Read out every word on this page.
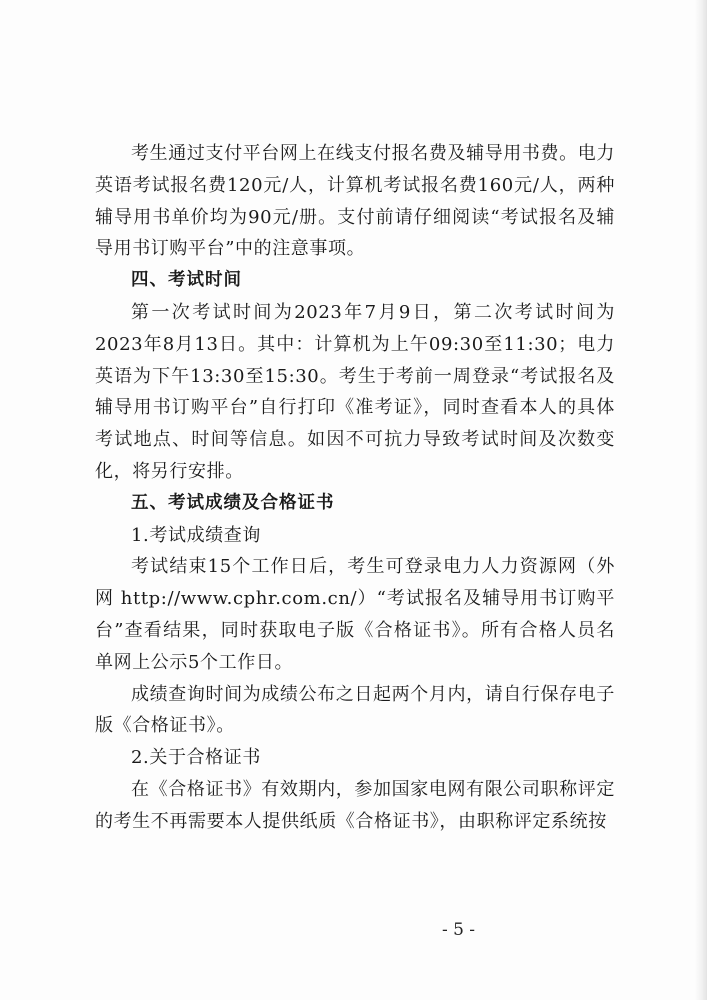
考生通过支付平台网上在线支付报名费及辅导用书费。电力英语考试报名费120元/人，计算机考试报名费160元/人，两种辅导用书单价均为90元/册。支付前请仔细阅读“考试报名及辅导用书订购平台”中的注意事项。

四、考试时间

第一次考试时间为2023年7月9日，第二次考试时间为2023年8月13日。其中：计算机为上午09:30至11:30；电力英语为下午13:30至15:30。考生于考前一周登录“考试报名及辅导用书订购平台”自行打印《准考证》，同时查看本人的具体考试地点、时间等信息。如因不可抗力导致考试时间及次数变化，将另行安排。

五、考试成绩及合格证书

1.考试成绩查询

考试结束15个工作日后，考生可登录电力人力资源网（外网 http://www.cphr.com.cn/）“考试报名及辅导用书订购平台”查看结果，同时获取电子版《合格证书》。所有合格人员名单网上公示5个工作日。

成绩查询时间为成绩公布之日起两个月内，请自行保存电子版《合格证书》。

2.关于合格证书

在《合格证书》有效期内，参加国家电网有限公司职称评定的考生不再需要本人提供纸质《合格证书》，由职称评定系统按

- 5 -
